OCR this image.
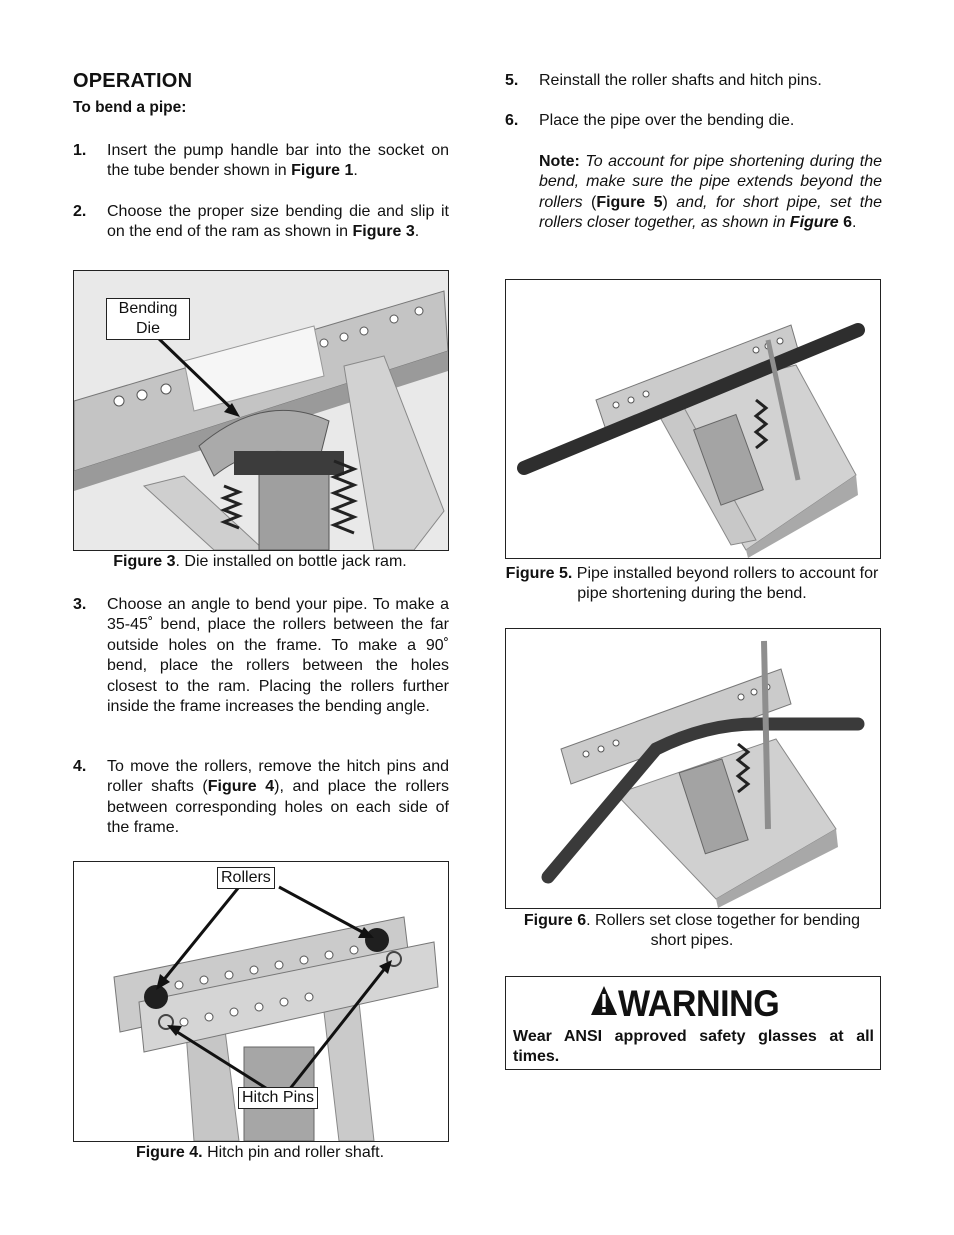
OPERATION
To bend a pipe:
1. Insert the pump handle bar into the socket on the tube bender shown in Figure 1.
2. Choose the proper size bending die and slip it on the end of the ram as shown in Figure 3.
Bending
Die
Figure 3. Die installed on bottle jack ram.
3. Choose an angle to bend your pipe. To make a 35-45˚ bend, place the rollers between the far outside holes on the frame. To make a 90˚ bend, place the rollers between the holes closest to the ram. Placing the rollers further inside the frame increases the bending angle.
4. To move the rollers, remove the hitch pins and roller shafts (Figure 4), and place the rollers between corresponding holes on each side of the frame.
Rollers
Hitch Pins
Figure 4. Hitch pin and roller shaft.
5. Reinstall the roller shafts and hitch pins.
6. Place the pipe over the bending die.
Note: To account for pipe shortening during the bend, make sure the pipe extends beyond the rollers (Figure 5) and, for short pipe, set the rollers closer together, as shown in Figure 6.
Figure 5. Pipe installed beyond rollers to account for pipe shortening during the bend.
Figure 6. Rollers set close together for bending short pipes.
WARNING
Wear ANSI approved safety glasses at all times.
